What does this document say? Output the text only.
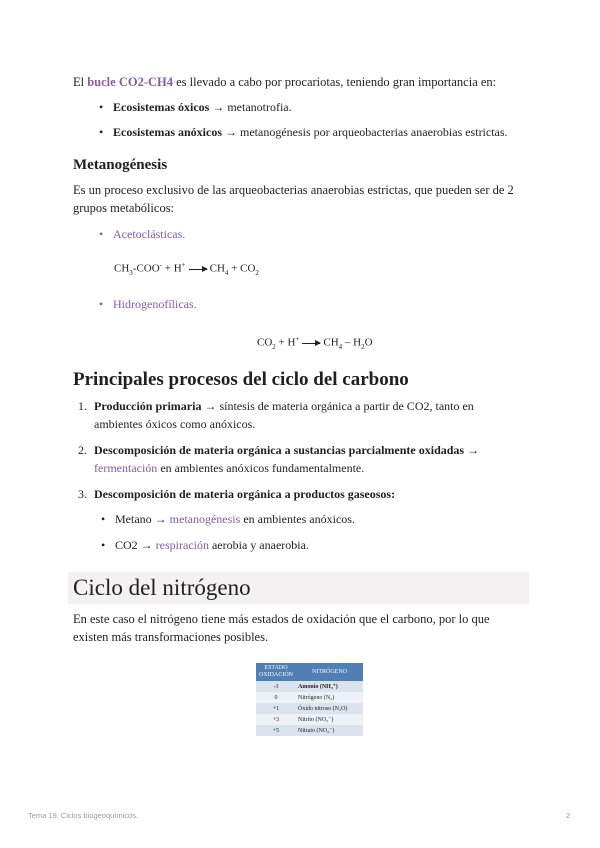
El bucle CO2-CH4 es llevado a cabo por procariotas, teniendo gran importancia en:

• Ecosistemas óxicos → metanotrofia.
• Ecosistemas anóxicos → metanogénesis por arqueobacterias anaerobias estrictas.
Metanogénesis

Es un proceso exclusivo de las arqueobacterias anaerobias estrictas, que pueden ser de 2 grupos metabólicos:

• Acetoclásticas.
$CH_3-COO^- + H^+$ $CH_4 + CO_2$
• Hidrogenofílicas.
$CO_2 + H^+$ $CH_4 - H_2O$
Principales procesos del ciclo del carbono
1. Producción primaria → síntesis de materia orgánica a partir de CO2, tanto en
ambientes óxicos como anóxicos.
2. Descomposición de materia orgánica a sustancias parcialmente oxidadas →
fermentación en ambientes anóxicos fundamentalmente.
3. Descomposición de materia orgánica a productos gaseosos:
• Metano → metanogénesis en ambientes anóxicos.
• CO2 → respiración aerobia y anaerobia.
Ciclo del nitrógeno

En este caso el nitrógeno tiene más estados de oxidación que el carbono, por lo que existen más transformaciones posibles.

ESTADO OXIDACIÓN	NITRÓGENO
-3	Amonio (NH₄⁺)
0	Nitrógeno (N₂)
+1	Óxido nitroso (N₂O)
+3	Nitrito (NO₂⁻)
+5	Nitrato (NO₃⁻)
Tema 19. Ciclos biogeoquímicos.	2
